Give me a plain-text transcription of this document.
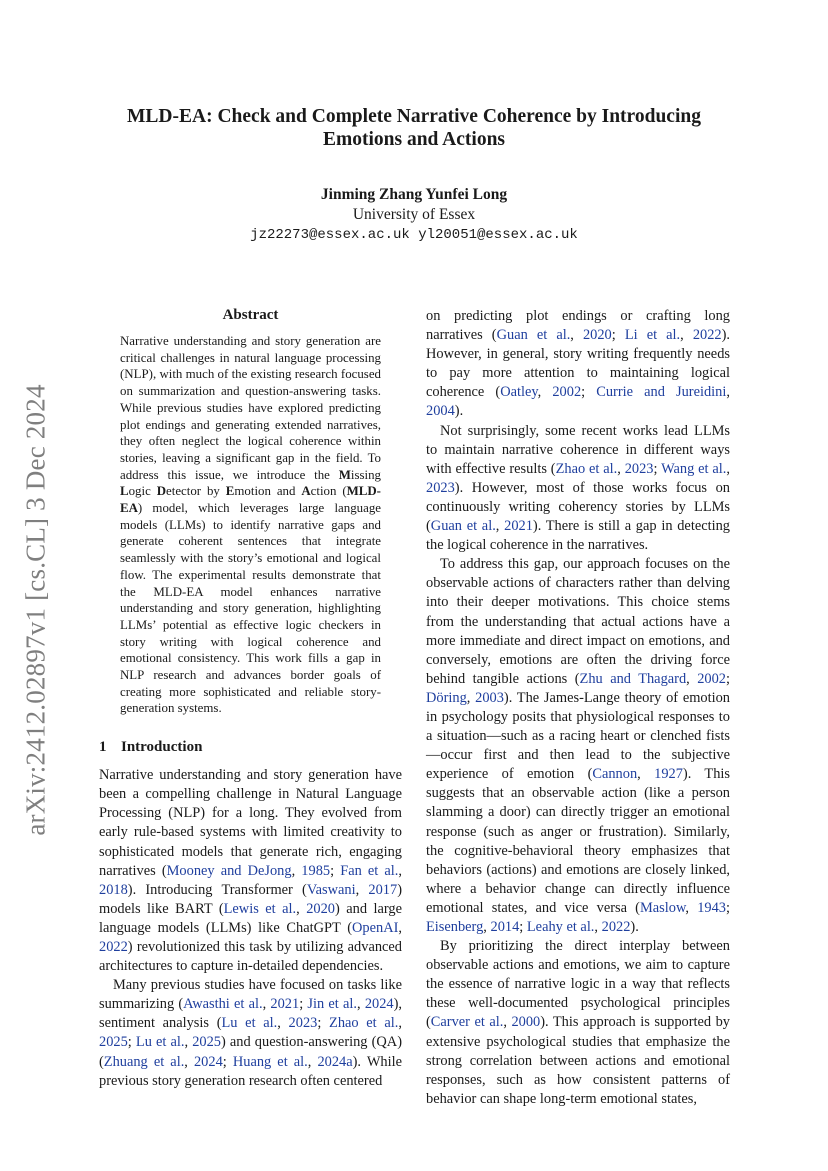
arXiv:2412.02897v1 [cs.CL] 3 Dec 2024
MLD-EA: Check and Complete Narrative Coherence by Introducing
Emotions and Actions
Jinming Zhang Yunfei Long
University of Essex
jz22273@essex.ac.uk yl20051@essex.ac.uk
Abstract

Narrative understanding and story generation are critical challenges in natural language processing (NLP), with much of the existing research focused on summarization and question-answering tasks. While previous studies have explored predicting plot endings and generating extended narratives, they often neglect the logical coherence within stories, leaving a significant gap in the field. To address this issue, we introduce the Missing Logic Detector by Emotion and Action (MLD-EA) model, which leverages large language models (LLMs) to identify narrative gaps and generate coherent sentences that integrate seamlessly with the story’s emotional and logical flow. The experimental results demonstrate that the MLD-EA model enhances narrative understanding and story generation, highlighting LLMs’ potential as effective logic checkers in story writing with logical coherence and emotional consistency. This work fills a gap in NLP research and advances border goals of creating more sophisticated and reliable story-generation systems.

1 Introduction

Narrative understanding and story generation have been a compelling challenge in Natural Language Processing (NLP) for a long. They evolved from early rule-based systems with limited creativity to sophisticated models that generate rich, engaging narratives (Mooney and DeJong, 1985; Fan et al., 2018). Introducing Transformer (Vaswani, 2017) models like BART (Lewis et al., 2020) and large language models (LLMs) like ChatGPT (OpenAI, 2022) revolutionized this task by utilizing advanced architectures to capture in-detailed dependencies.

Many previous studies have focused on tasks like summarizing (Awasthi et al., 2021; Jin et al., 2024), sentiment analysis (Lu et al., 2023; Zhao et al., 2025; Lu et al., 2025) and question-answering (QA) (Zhuang et al., 2024; Huang et al., 2024a). While previous story generation research often centered

on predicting plot endings or crafting long narratives (Guan et al., 2020; Li et al., 2022). However, in general, story writing frequently needs to pay more attention to maintaining logical coherence (Oatley, 2002; Currie and Jureidini, 2004).

Not surprisingly, some recent works lead LLMs to maintain narrative coherence in different ways with effective results (Zhao et al., 2023; Wang et al., 2023). However, most of those works focus on continuously writing coherency stories by LLMs (Guan et al., 2021). There is still a gap in detecting the logical coherence in the narratives.

To address this gap, our approach focuses on the observable actions of characters rather than delving into their deeper motivations. This choice stems from the understanding that actual actions have a more immediate and direct impact on emotions, and conversely, emotions are often the driving force behind tangible actions (Zhu and Thagard, 2002; Döring, 2003). The James-Lange theory of emotion in psychology posits that physiological responses to a situation—such as a racing heart or clenched fists—occur first and then lead to the subjective experience of emotion (Cannon, 1927). This suggests that an observable action (like a person slamming a door) can directly trigger an emotional response (such as anger or frustration). Similarly, the cognitive-behavioral theory emphasizes that behaviors (actions) and emotions are closely linked, where a behavior change can directly influence emotional states, and vice versa (Maslow, 1943; Eisenberg, 2014; Leahy et al., 2022).

By prioritizing the direct interplay between observable actions and emotions, we aim to capture the essence of narrative logic in a way that reflects these well-documented psychological principles (Carver et al., 2000). This approach is supported by extensive psychological studies that emphasize the strong correlation between actions and emotional responses, such as how consistent patterns of behavior can shape long-term emotional states,
